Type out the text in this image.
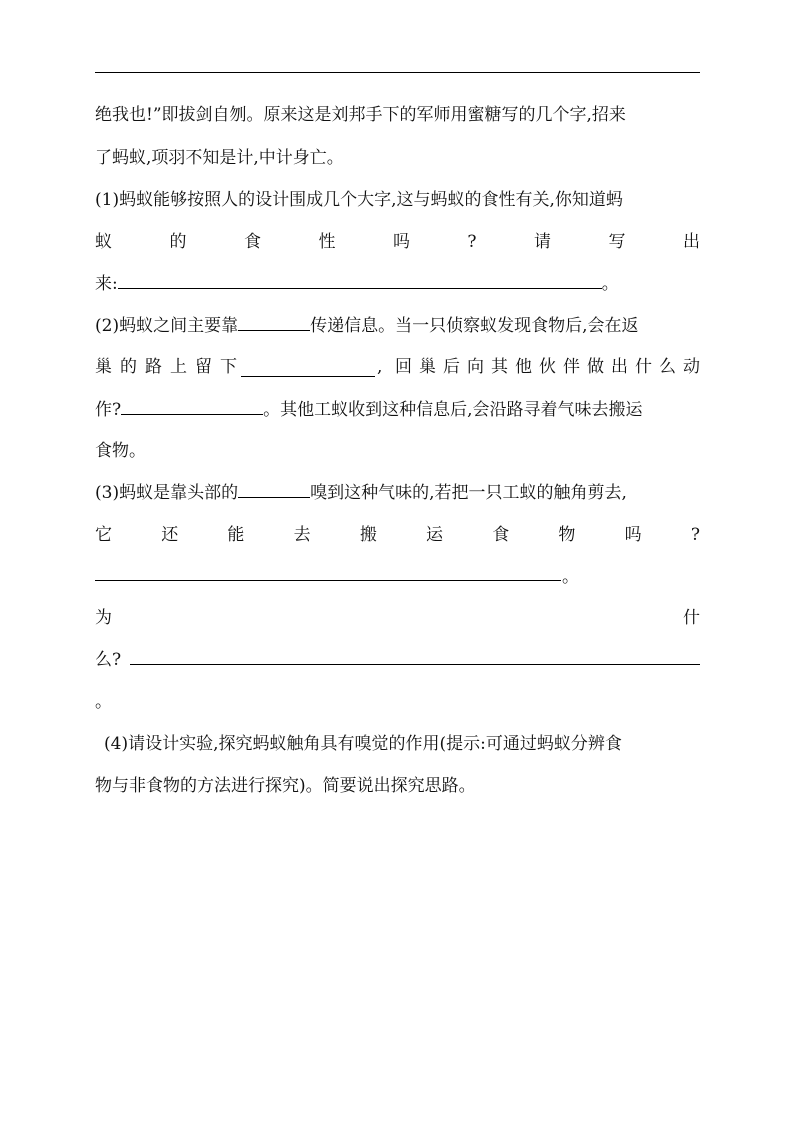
绝我也!”即拔剑自刎。原来这是刘邦手下的军师用蜜糖写的几个字,招来
了蚂蚁,项羽不知是计,中计身亡。
(1)蚂蚁能够按照人的设计围成几个大字,这与蚂蚁的食性有关,你知道蚂
蚁	的	食	性	吗	?	请	写	出
来:	。
(2)蚂蚁之间主要靠	传递信息。当一只侦察蚁发现食物后,会在返
巢 的 路 上 留 下	, 回 巢 后 向 其 他 伙 伴 做 出 什 么 动
作?	。其他工蚁收到这种信息后,会沿路寻着气味去搬运
食物。
(3)蚂蚁是靠头部的	嗅到这种气味的,若把一只工蚁的触角剪去,
它	还	能	去	搬	运	食	物	吗	?
。
为	什
么?
。
(4)请设计实验,探究蚂蚁触角具有嗅觉的作用(提示:可通过蚂蚁分辨食
物与非食物的方法进行探究)。简要说出探究思路。
